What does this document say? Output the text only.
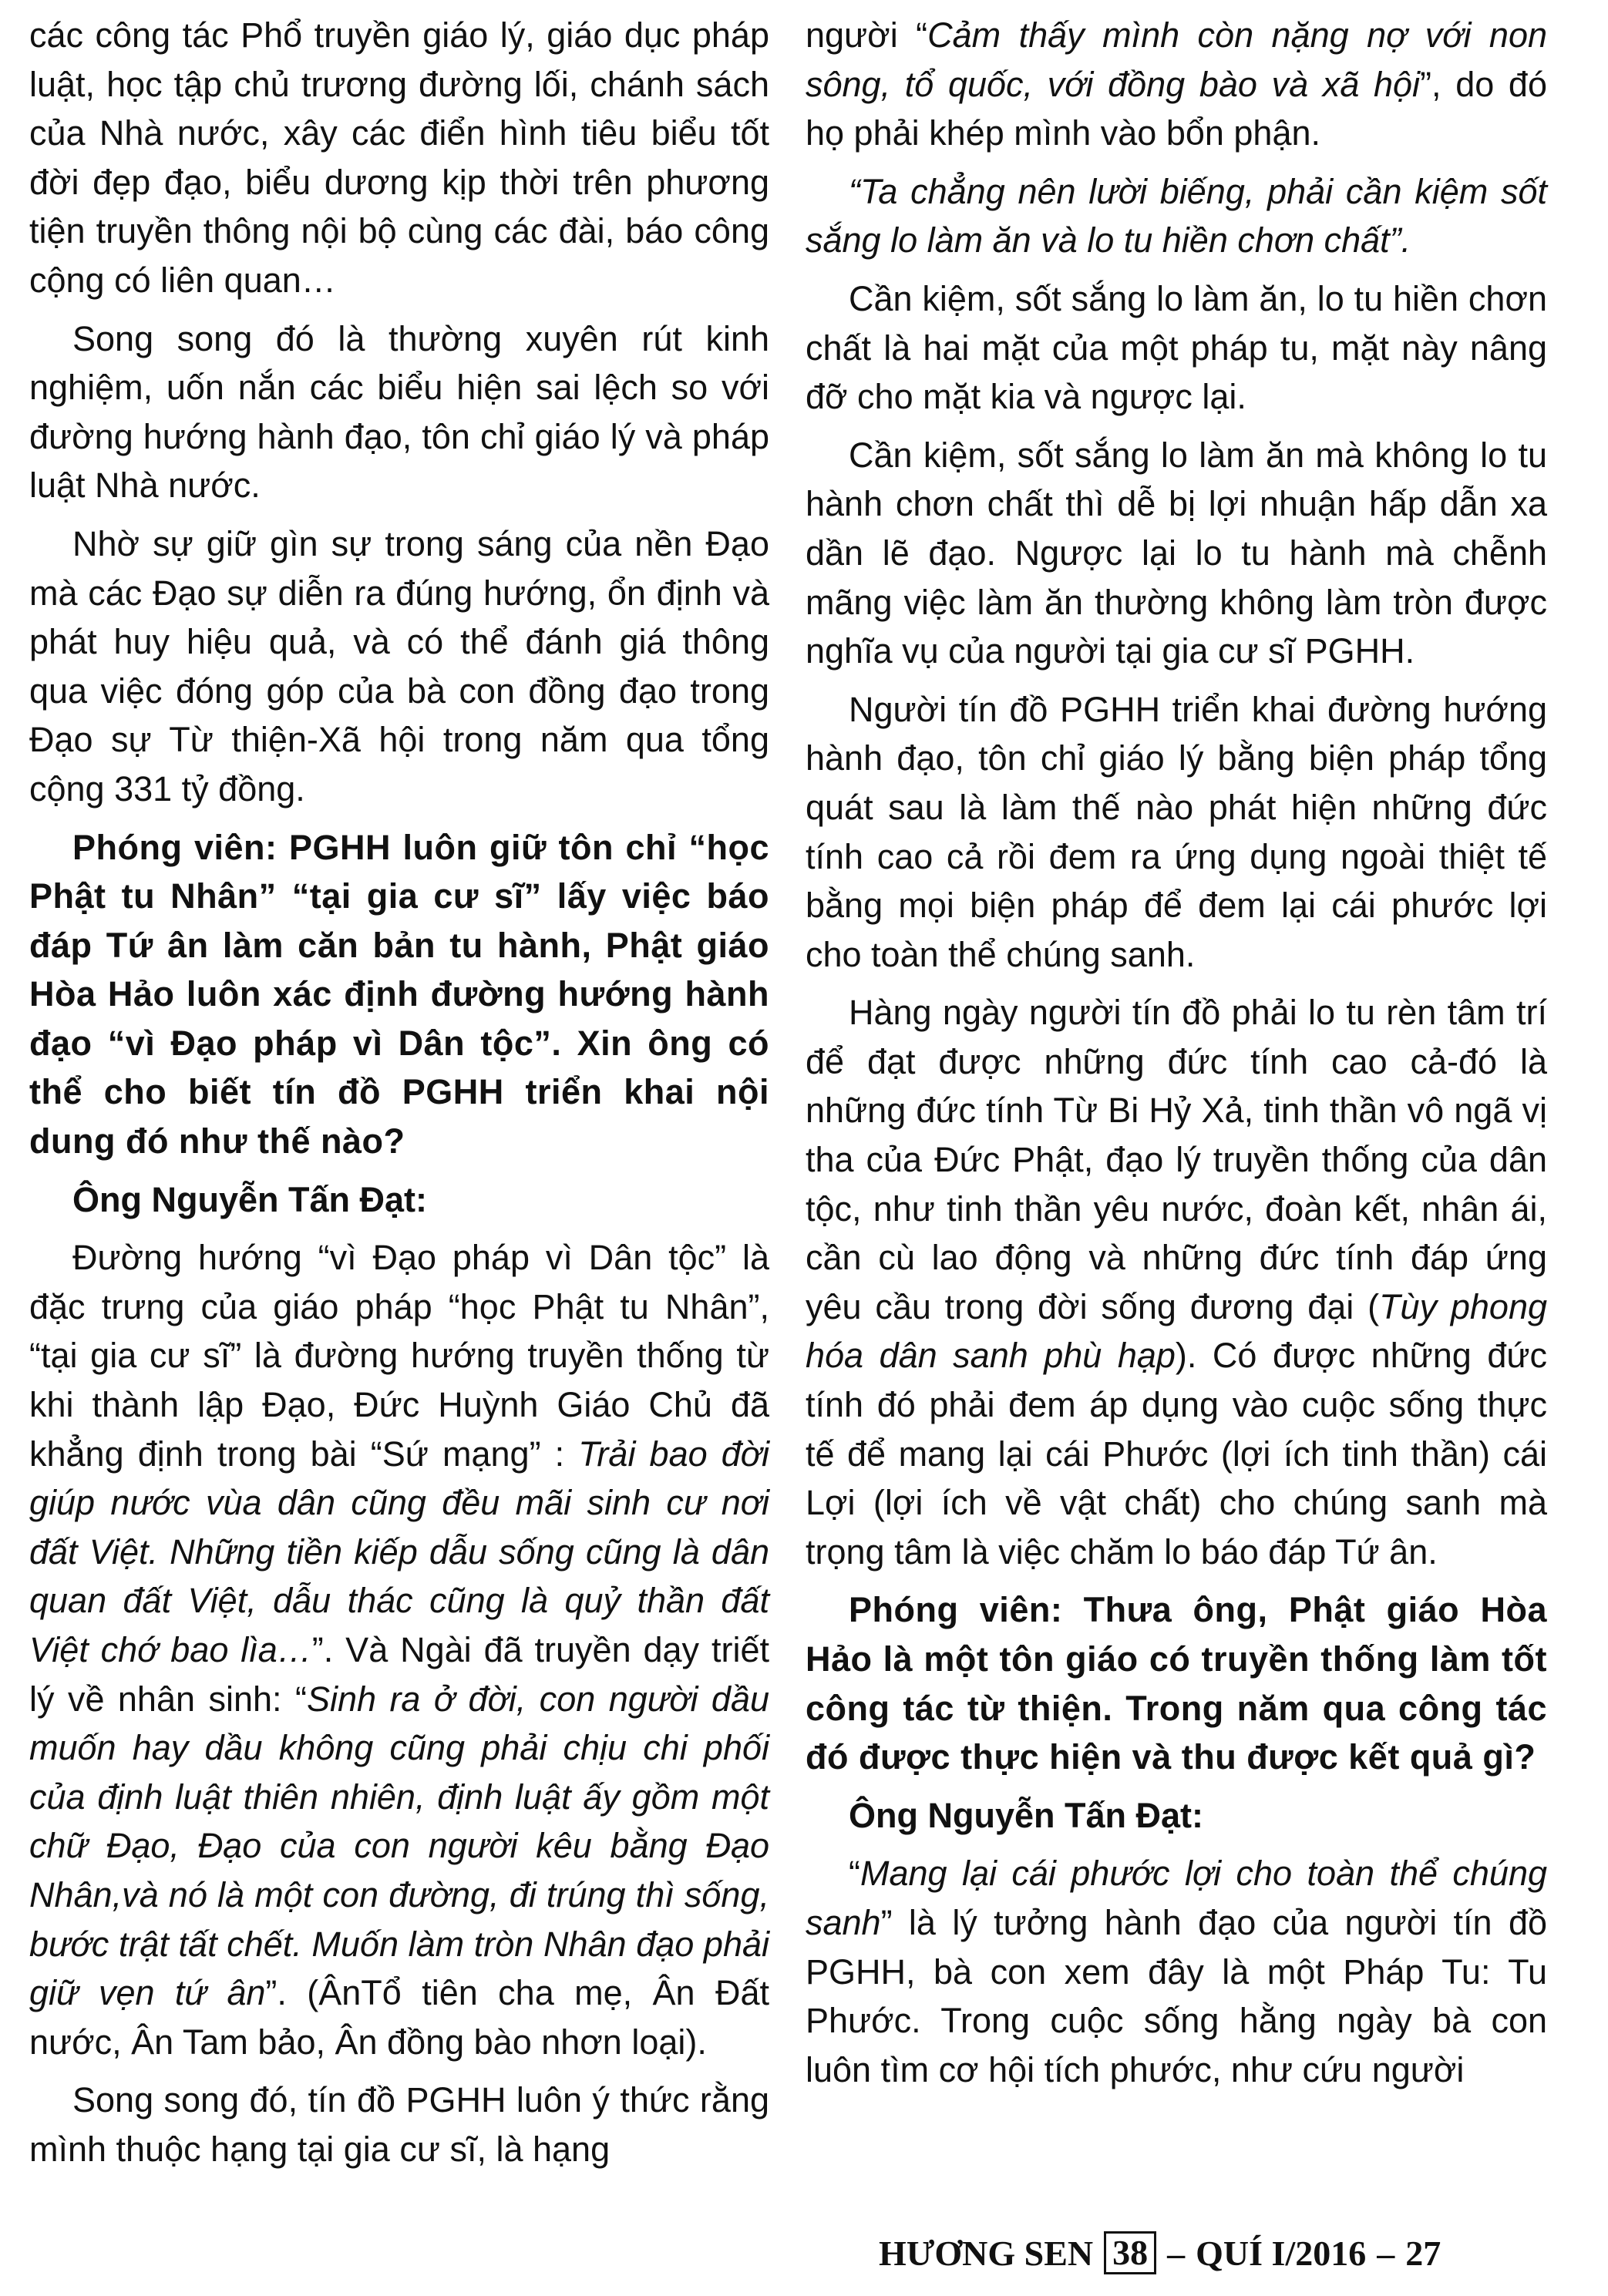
các công tác Phổ truyền giáo lý, giáo dục pháp luật, học tập chủ trương đường lối, chánh sách của Nhà nước, xây các điển hình tiêu biểu tốt đời đẹp đạo, biểu dương kịp thời trên phương tiện truyền thông nội bộ cùng các đài, báo công cộng có liên quan…

Song song đó là thường xuyên rút kinh nghiệm, uốn nắn các biểu hiện sai lệch so với đường hướng hành đạo, tôn chỉ giáo lý và pháp luật Nhà nước.

Nhờ sự giữ gìn sự trong sáng của nền Đạo mà các Đạo sự diễn ra đúng hướng, ổn định và phát huy hiệu quả, và có thể đánh giá thông qua việc đóng góp của bà con đồng đạo trong Đạo sự Từ thiện-Xã hội trong năm qua tổng cộng 331 tỷ đồng.

Phóng viên: PGHH luôn giữ tôn chỉ “học Phật tu Nhân” “tại gia cư sĩ” lấy việc báo đáp Tứ ân làm căn bản tu hành, Phật giáo Hòa Hảo luôn xác định đường hướng hành đạo “vì Đạo pháp vì Dân tộc”. Xin ông có thể cho biết tín đồ PGHH triển khai nội dung đó như thế nào?

Ông Nguyễn Tấn Đạt:

Đường hướng “vì Đạo pháp vì Dân tộc” là đặc trưng của giáo pháp “học Phật tu Nhân”, “tại gia cư sĩ” là đường hướng truyền thống từ khi thành lập Đạo, Đức Huỳnh Giáo Chủ đã khẳng định trong bài “Sứ mạng” : Trải bao đời giúp nước vùa dân cũng đều mãi sinh cư nơi đất Việt. Những tiền kiếp dẫu sống cũng là dân quan đất Việt, dẫu thác cũng là quỷ thần đất Việt chớ bao lìa…”. Và Ngài đã truyền dạy triết lý về nhân sinh: “Sinh ra ở đời, con người dầu muốn hay dầu không cũng phải chịu chi phối của định luật thiên nhiên, định luật ấy gồm một chữ Đạo, Đạo của con người kêu bằng Đạo Nhân,và nó là một con đường, đi trúng thì sống, bước trật tất chết. Muốn làm tròn Nhân đạo phải giữ vẹn tứ ân”. (ÂnTổ tiên cha mẹ, Ân Đất nước, Ân Tam bảo, Ân đồng bào nhơn loại).

Song song đó, tín đồ PGHH luôn ý thức rằng mình thuộc hạng tại gia cư sĩ, là hạng

người “Cảm thấy mình còn nặng nợ với non sông, tổ quốc, với đồng bào và xã hội”, do đó họ phải khép mình vào bổn phận.

“Ta chẳng nên lười biếng, phải cần kiệm sốt sắng lo làm ăn và lo tu hiền chơn chất”.

Cần kiệm, sốt sắng lo làm ăn, lo tu hiền chơn chất là hai mặt của một pháp tu, mặt này nâng đỡ cho mặt kia và ngược lại.

Cần kiệm, sốt sắng lo làm ăn mà không lo tu hành chơn chất thì dễ bị lợi nhuận hấp dẫn xa dần lẽ đạo. Ngược lại lo tu hành mà chễnh mãng việc làm ăn thường không làm tròn được nghĩa vụ của người tại gia cư sĩ PGHH.

Người tín đồ PGHH triển khai đường hướng hành đạo, tôn chỉ giáo lý bằng biện pháp tổng quát sau là làm thế nào phát hiện những đức tính cao cả rồi đem ra ứng dụng ngoài thiệt tế bằng mọi biện pháp để đem lại cái phước lợi cho toàn thể chúng sanh.

Hàng ngày người tín đồ phải lo tu rèn tâm trí để đạt được những đức tính cao cả-đó là những đức tính Từ Bi Hỷ Xả, tinh thần vô ngã vị tha của Đức Phật, đạo lý truyền thống của dân tộc, như tinh thần yêu nước, đoàn kết, nhân ái, cần cù lao động và những đức tính đáp ứng yêu cầu trong đời sống đương đại (Tùy phong hóa dân sanh phù hạp). Có được những đức tính đó phải đem áp dụng vào cuộc sống thực tế để mang lại cái Phước (lợi ích tinh thần) cái Lợi (lợi ích về vật chất) cho chúng sanh mà trọng tâm là việc chăm lo báo đáp Tứ ân.

Phóng viên: Thưa ông, Phật giáo Hòa Hảo là một tôn giáo có truyền thống làm tốt công tác từ thiện. Trong năm qua công tác đó được thực hiện và thu được kết quả gì?

Ông Nguyễn Tấn Đạt:

“Mang lại cái phước lợi cho toàn thể chúng sanh” là lý tưởng hành đạo của người tín đồ PGHH, bà con xem đây là một Pháp Tu: Tu Phước. Trong cuộc sống hằng ngày bà con luôn tìm cơ hội tích phước, như cứu người

HƯƠNG SEN 38 – QUÍ I/2016 – 27
